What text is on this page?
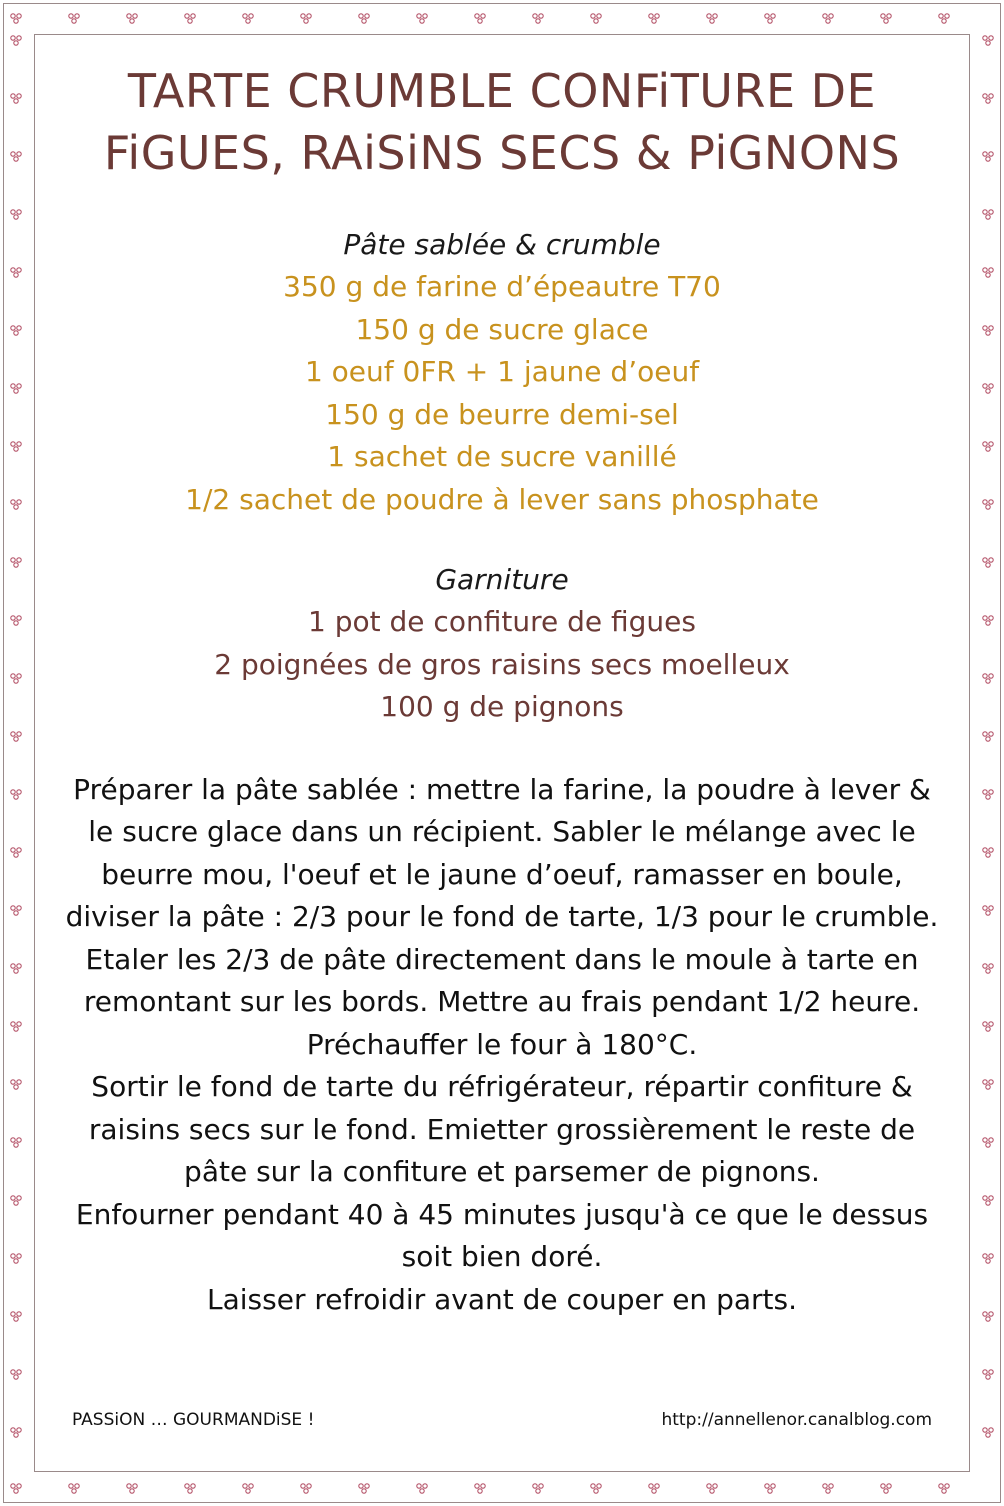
TARTE CRUMBLE CONFiTURE DE
FiGUES, RAiSiNS SECS & PiGNONS
Pâte sablée & crumble
350 g de farine d’épeautre T70
150 g de sucre glace
1 oeuf 0FR + 1 jaune d’oeuf
150 g de beurre demi-sel
1 sachet de sucre vanillé
1/2 sachet de poudre à lever sans phosphate
Garniture
1 pot de confiture de figues
2 poignées de gros raisins secs moelleux
100 g de pignons

Préparer la pâte sablée : mettre la farine, la poudre à lever & le sucre glace dans un récipient. Sabler le mélange avec le beurre mou, l'oeuf et le jaune d’oeuf, ramasser en boule, diviser la pâte : 2/3 pour le fond de tarte, 1/3 pour le crumble. Etaler les 2/3 de pâte directement dans le moule à tarte en remontant sur les bords. Mettre au frais pendant 1/2 heure.

Préchauffer le four à 180°C.

Sortir le fond de tarte du réfrigérateur, répartir confiture & raisins secs sur le fond. Emietter grossièrement le reste de pâte sur la confiture et parsemer de pignons.

Enfourner pendant 40 à 45 minutes jusqu'à ce que le dessus soit bien doré.

Laisser refroidir avant de couper en parts.

PASSiON … GOURMANDiSE !	http://annellenor.canalblog.com
